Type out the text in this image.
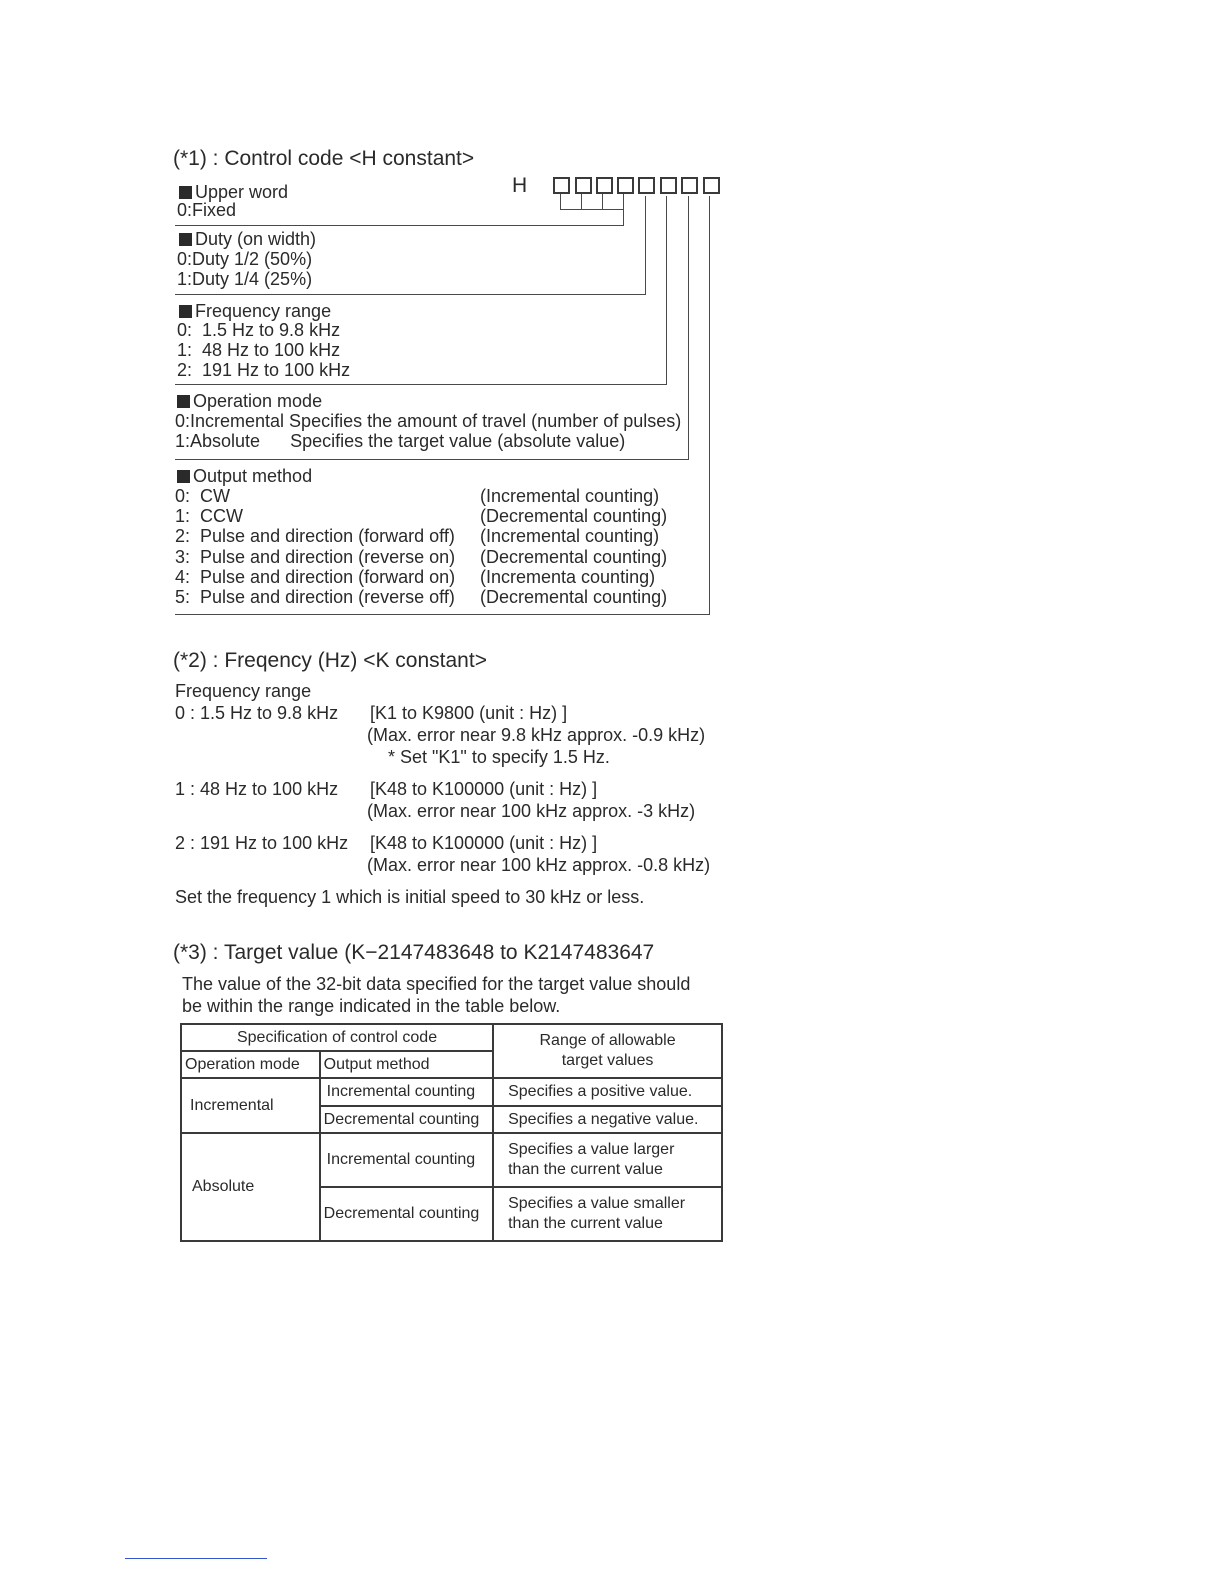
(*1) : Control code <H constant>
H
Upper word
0:Fixed
Duty (on width)
0:Duty 1/2 (50%)
1:Duty 1/4 (25%)
Frequency range
0:  1.5 Hz to 9.8 kHz
1:  48 Hz to 100 kHz
2:  191 Hz to 100 kHz
Operation mode
0:Incremental Specifies the amount of travel (number of pulses)
1:Absolute      Specifies the target value (absolute value)
Output method
0:  CW	(Incremental counting)
1:  CCW	(Decremental counting)
2:  Pulse and direction (forward off) (Incremental counting)
3:  Pulse and direction (reverse on) (Decremental counting)
4:  Pulse and direction (forward on) (Incrementa counting)
5:  Pulse and direction (reverse off) (Decremental counting)
(*2) : Freqency (Hz) <K constant>
Frequency range
0 : 1.5 Hz to 9.8 kHz [K1 to K9800 (unit : Hz) ]
(Max. error near 9.8 kHz approx. -0.9 kHz)
* Set "K1" to specify 1.5 Hz.
1 : 48 Hz to 100 kHz [K48 to K100000 (unit : Hz) ]
(Max. error near 100 kHz approx. -3 kHz)
2 : 191 Hz to 100 kHz [K48 to K100000 (unit : Hz) ]
(Max. error near 100 kHz approx. -0.8 kHz)
Set the frequency 1 which is initial speed to 30 kHz or less.
(*3) : Target value (K−2147483648 to K2147483647
The value of the 32-bit data specified for the target value should
be within the range indicated in the table below.
Specification of control code		Range of allowable
target values

Operation mode	Output method	
Incremental	Incremental counting	Specifies a positive value.
	Decremental counting	Specifies a negative value.
Absolute	Incremental counting	Specifies a value larger
than the current value

	Decremental counting	Specifies a value smaller
than the current value
